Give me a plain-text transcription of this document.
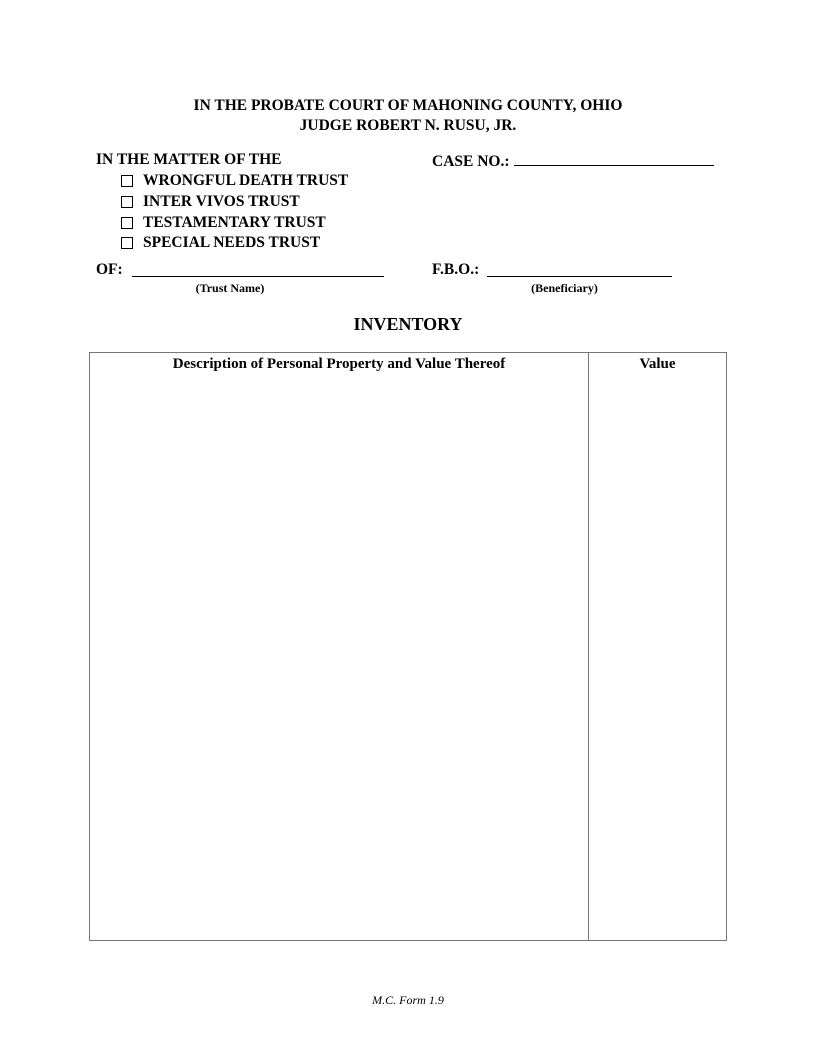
IN THE PROBATE COURT OF MAHONING COUNTY, OHIO
JUDGE ROBERT N. RUSU, JR.
IN THE MATTER OF THE	CASE NO.:
WRONGFUL DEATH TRUST
INTER VIVOS TRUST
TESTAMENTARY TRUST
SPECIAL NEEDS TRUST
OF:
(Trust Name)
F.B.O.:
(Beneficiary)
INVENTORY
Description of Personal Property and Value Thereof	Value
M.C. Form 1.9
